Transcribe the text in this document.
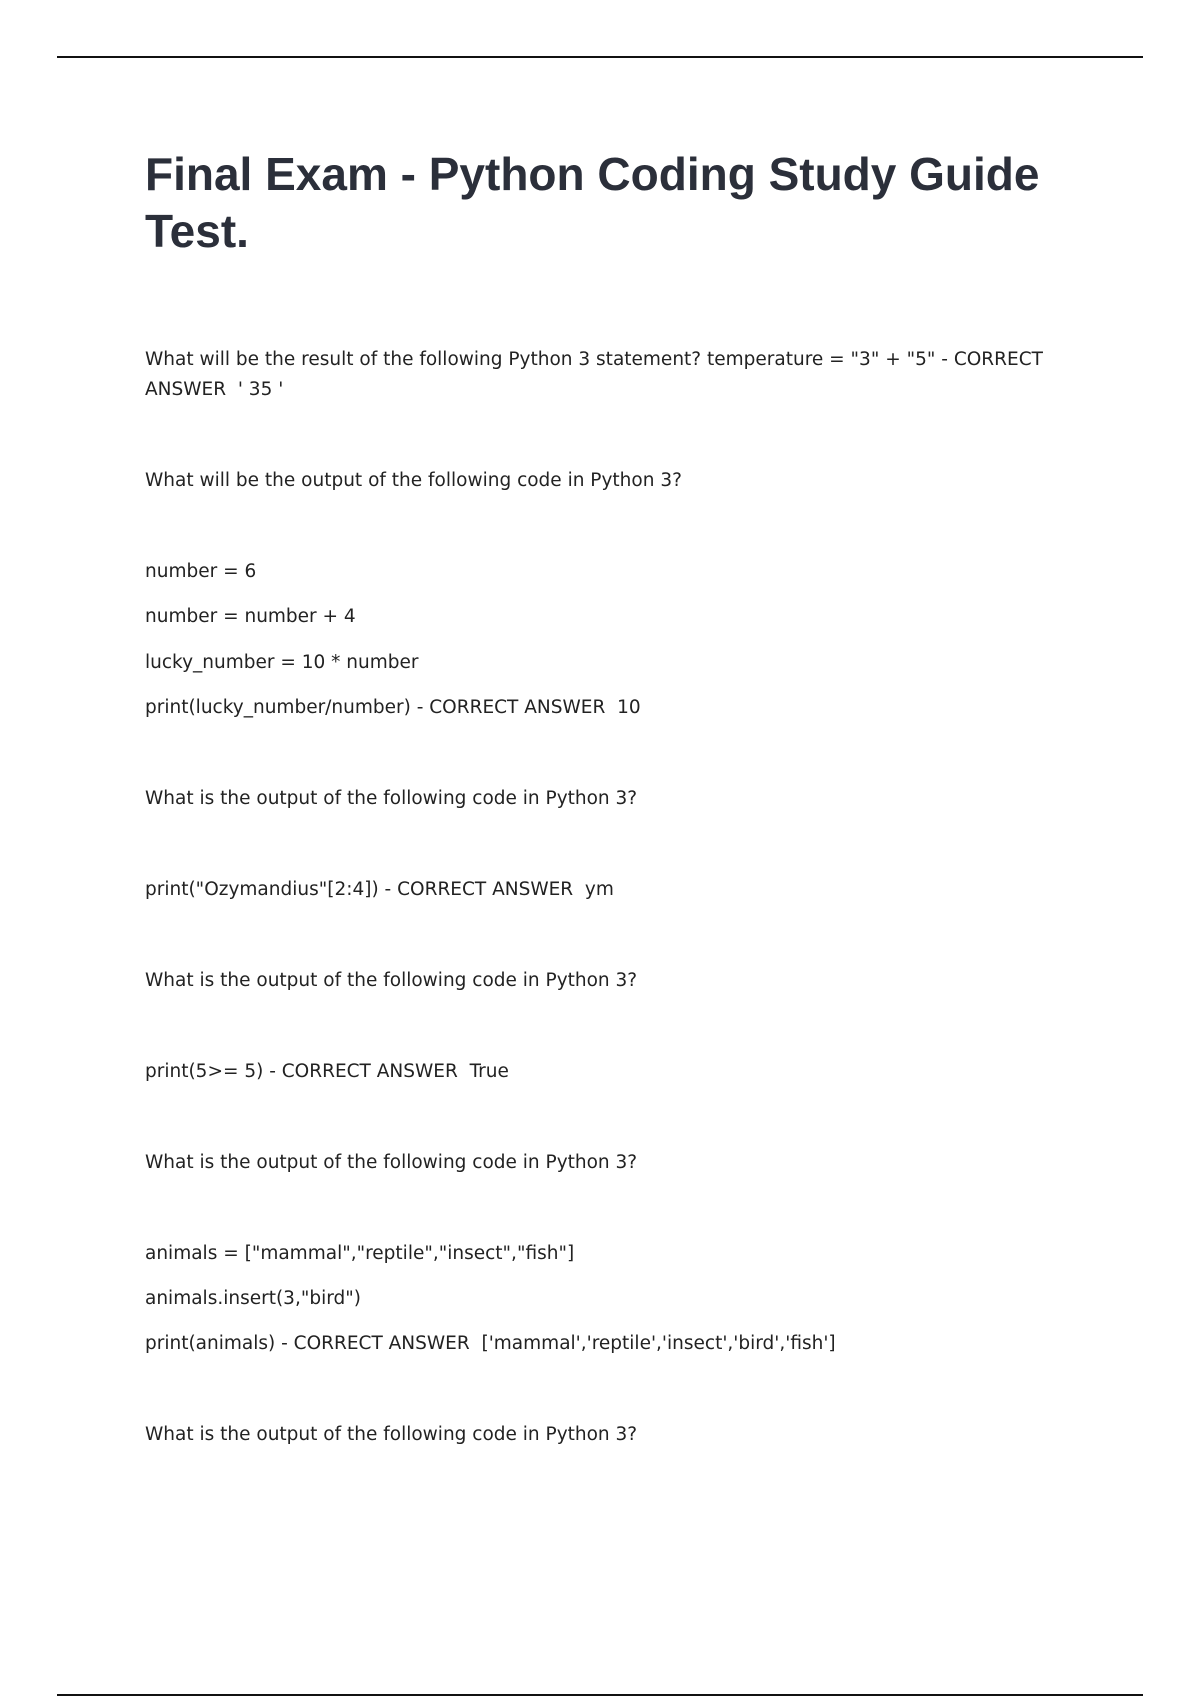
Final Exam - Python Coding Study Guide Test.

What will be the result of the following Python 3 statement? temperature = "3" + "5" - CORRECT ANSWER  ' 35 '

What will be the output of the following code in Python 3?

number = 6

number = number + 4

lucky_number = 10 * number

print(lucky_number/number) - CORRECT ANSWER  10

What is the output of the following code in Python 3?

print("Ozymandius"[2:4]) - CORRECT ANSWER  ym

What is the output of the following code in Python 3?

print(5>= 5) - CORRECT ANSWER  True

What is the output of the following code in Python 3?

animals = ["mammal","reptile","insect","fish"]

animals.insert(3,"bird")

print(animals) - CORRECT ANSWER  ['mammal','reptile','insect','bird','fish']

What is the output of the following code in Python 3?
